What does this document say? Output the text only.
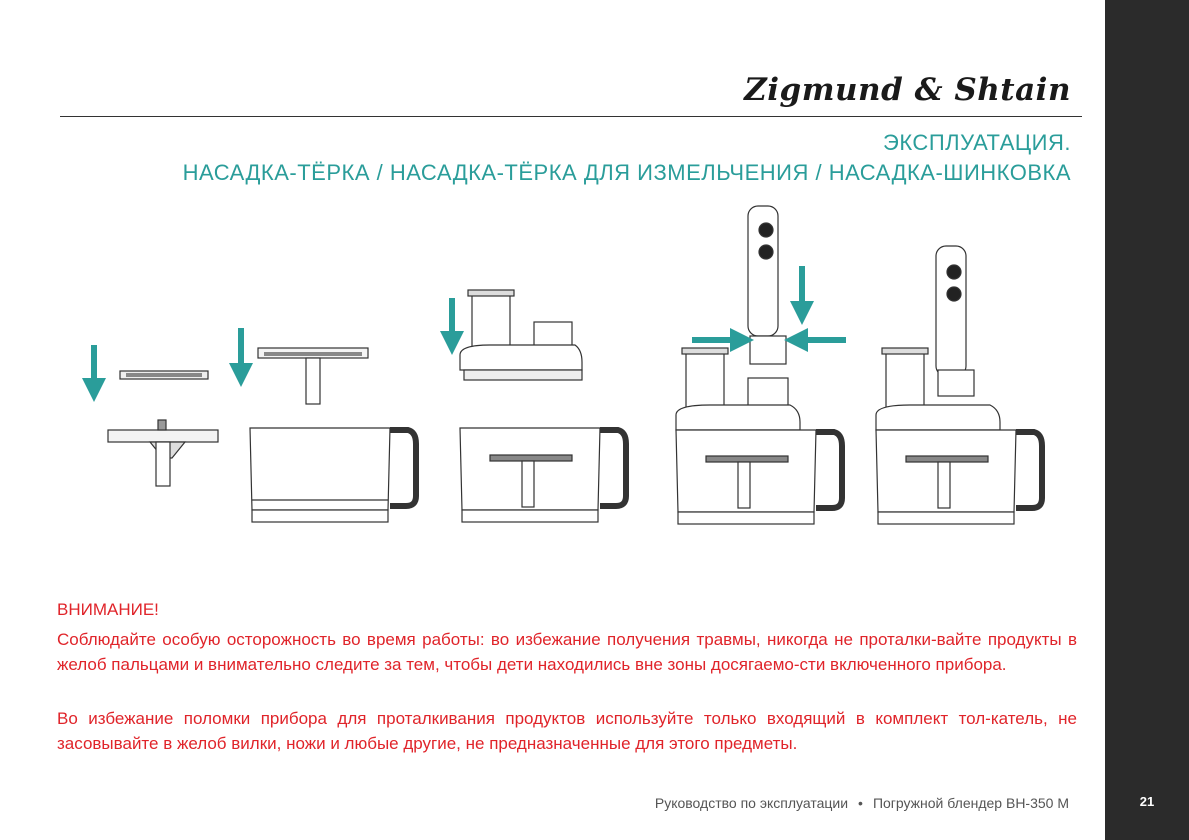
21
Zigmund & Shtain
ЭКСПЛУАТАЦИЯ.
НАСАДКА-ТЁРКА / НАСАДКА-ТЁРКА ДЛЯ ИЗМЕЛЬЧЕНИЯ / НАСАДКА-ШИНКОВКА
ВНИМАНИЕ!
Соблюдайте особую осторожность во время работы: во избежание получения травмы, никогда не проталки-вайте продукты в желоб пальцами и внимательно следите за тем, чтобы дети находились вне зоны досягаемо-сти включенного прибора.
Во избежание поломки прибора для проталкивания продуктов используйте только входящий в комплект тол-катель, не засовывайте в желоб вилки, ножи и любые другие, не предназначенные для этого предметы.
Руководство по эксплуатации • Погружной блендер BH-350 M
